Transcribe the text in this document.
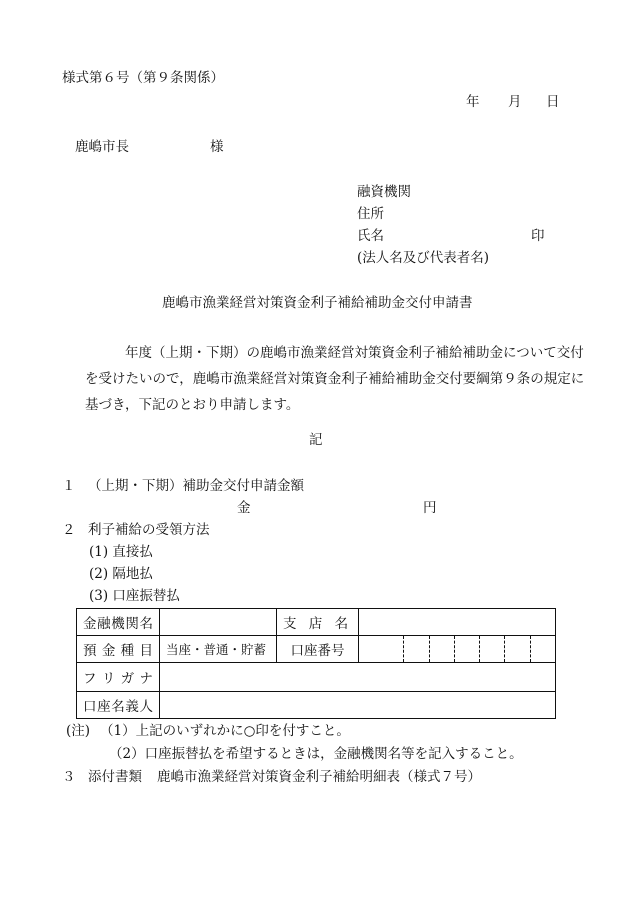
様式第６号（第９条関係）
年 月 日
鹿嶋市長	様
融資機関
住所
氏名	印
(法人名及び代表者名)
鹿嶋市漁業経営対策資金利子補給補助金交付申請書
年度（上期・下期）の鹿嶋市漁業経営対策資金利子補給補助金について交付を受けたいので，鹿嶋市漁業経営対策資金利子補給補助金交付要綱第９条の規定に基づき，下記のとおり申請します。
記
１ （上期・下期）補助金交付申請金額
金	円
２ 利子補給の受領方法
(1) 直接払
(2) 隔地払
(3) 口座振替払
金融機関名		支 店 名	
預 金 種 目	当座・普通・貯蓄	口座番号	

フ リ ガ ナ			
口座名義人			
(注) （1）上記のいずれかに○印を付すこと。
（2）口座振替払を希望するときは，金融機関名等を記入すること。
３ 添付書類 鹿嶋市漁業経営対策資金利子補給明細表（様式７号）
